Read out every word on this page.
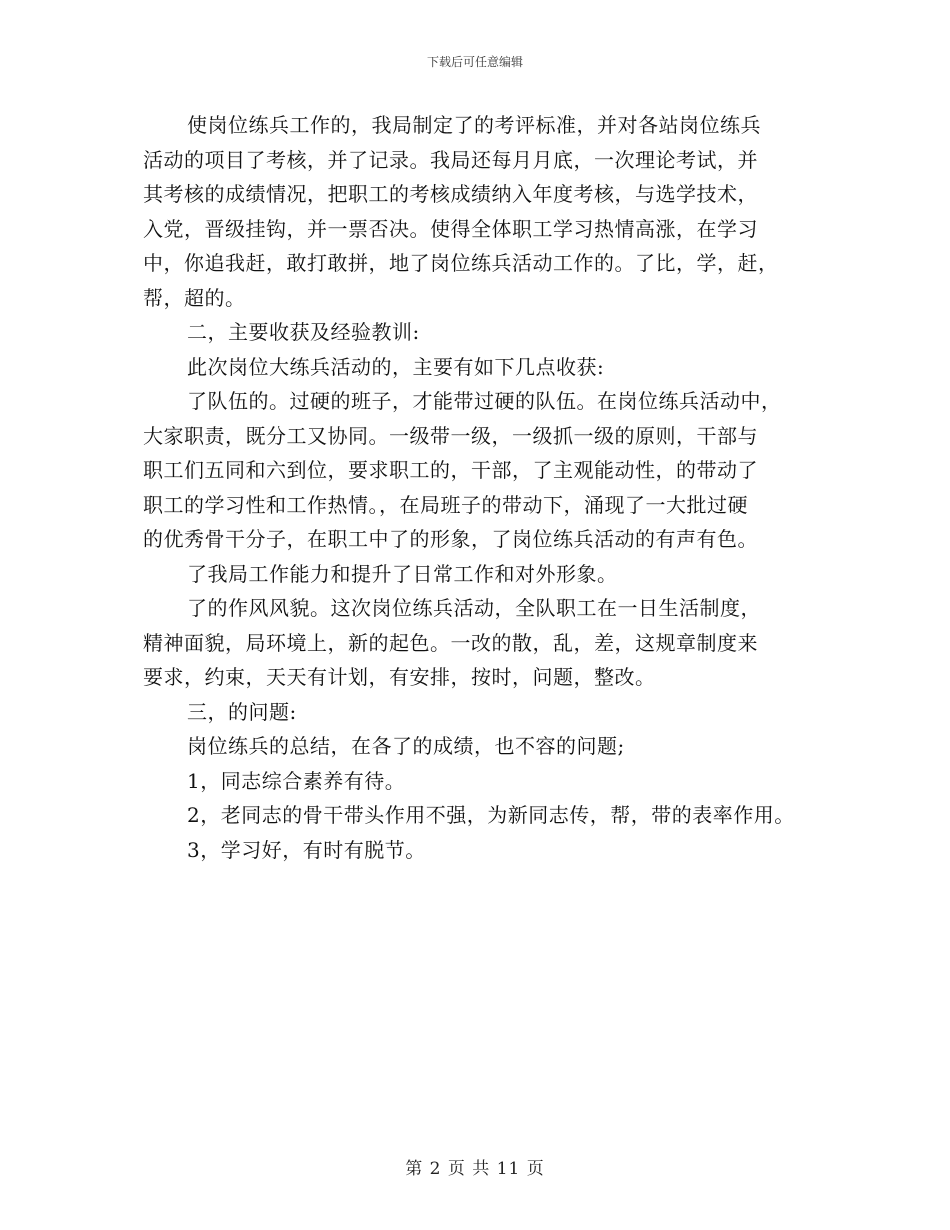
下载后可任意编辑
使岗位练兵工作的，我局制定了的考评标准，并对各站岗位练兵
活动的项目了考核，并了记录。我局还每月月底，一次理论考试，并
其考核的成绩情况，把职工的考核成绩纳入年度考核，与选学技术，
入党，晋级挂钩，并一票否决。使得全体职工学习热情高涨，在学习
中，你追我赶，敢打敢拼，地了岗位练兵活动工作的。了比，学，赶，
帮，超的。
二，主要收获及经验教训:
此次岗位大练兵活动的，主要有如下几点收获:
了队伍的。过硬的班子，才能带过硬的队伍。在岗位练兵活动中，
大家职责，既分工又协同。一级带一级，一级抓一级的原则，干部与
职工们五同和六到位，要求职工的，干部，了主观能动性，的带动了
职工的学习性和工作热情。，在局班子的带动下，涌现了一大批过硬
的优秀骨干分子，在职工中了的形象，了岗位练兵活动的有声有色。
了我局工作能力和提升了日常工作和对外形象。
了的作风风貌。这次岗位练兵活动，全队职工在一日生活制度，
精神面貌，局环境上，新的起色。一改的散，乱，差，这规章制度来
要求，约束，天天有计划，有安排，按时，问题，整改。
三，的问题:
岗位练兵的总结，在各了的成绩，也不容的问题;
1，同志综合素养有待。
2，老同志的骨干带头作用不强，为新同志传，帮，带的表率作用。
3，学习好，有时有脱节。
第 2 页 共 11 页
